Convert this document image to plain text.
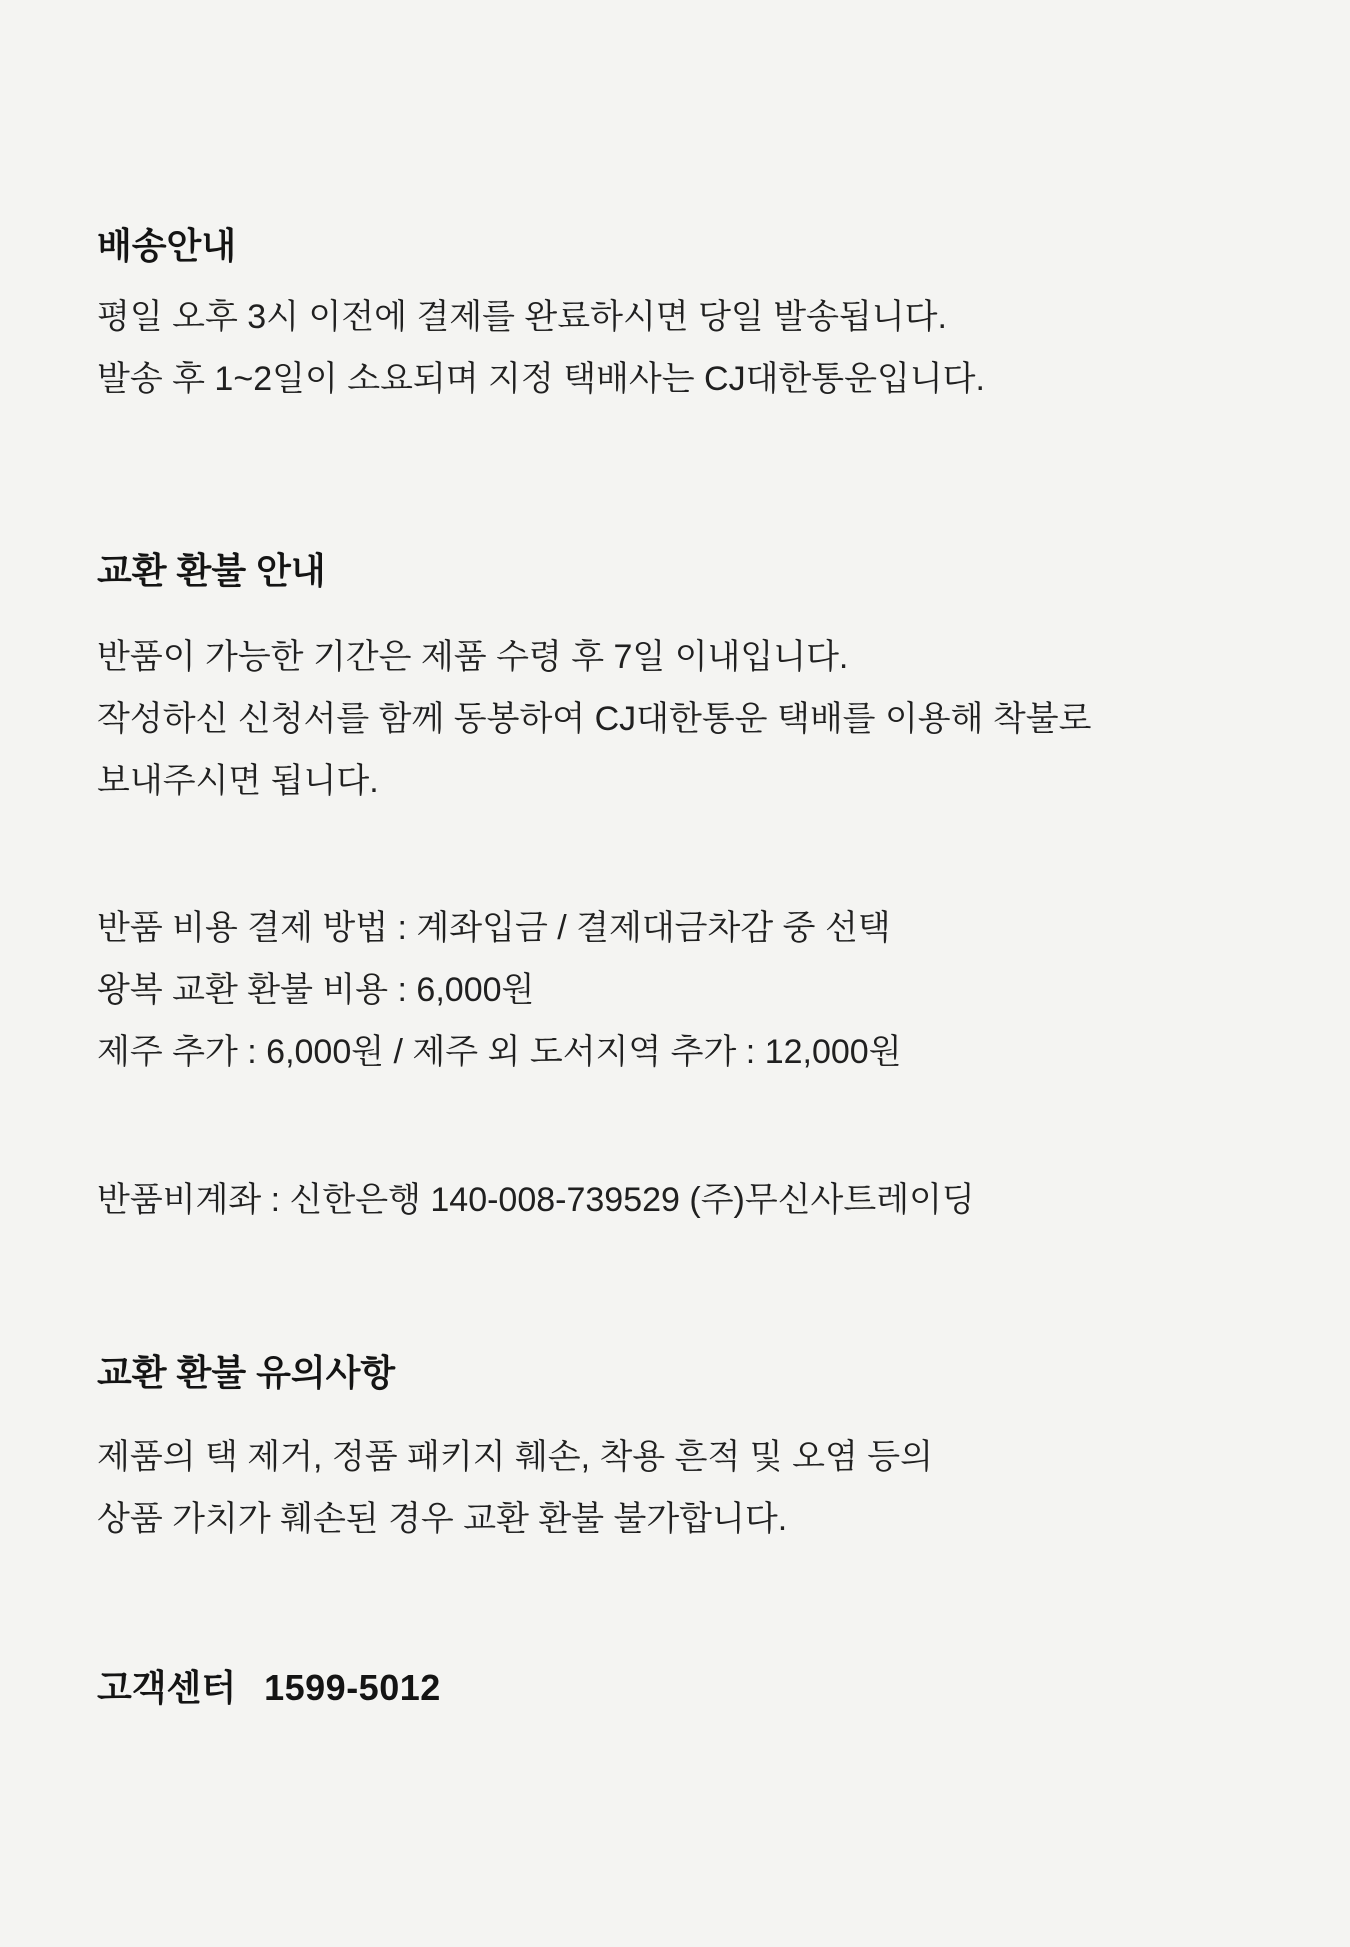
배송안내
평일 오후 3시 이전에 결제를 완료하시면 당일 발송됩니다.
발송 후 1~2일이 소요되며 지정 택배사는 CJ대한통운입니다.
교환 환불 안내
반품이 가능한 기간은 제품 수령 후 7일 이내입니다.
작성하신 신청서를 함께 동봉하여 CJ대한통운 택배를 이용해 착불로
보내주시면 됩니다.
반품 비용 결제 방법 : 계좌입금 / 결제대금차감 중 선택
왕복 교환 환불 비용 : 6,000원
제주 추가 : 6,000원 / 제주 외 도서지역 추가 : 12,000원
반품비계좌 : 신한은행 140-008-739529 (주)무신사트레이딩
교환 환불 유의사항
제품의 택 제거, 정품 패키지 훼손, 착용 흔적 및 오염 등의
상품 가치가 훼손된 경우 교환 환불 불가합니다.
고객센터 1599-5012
